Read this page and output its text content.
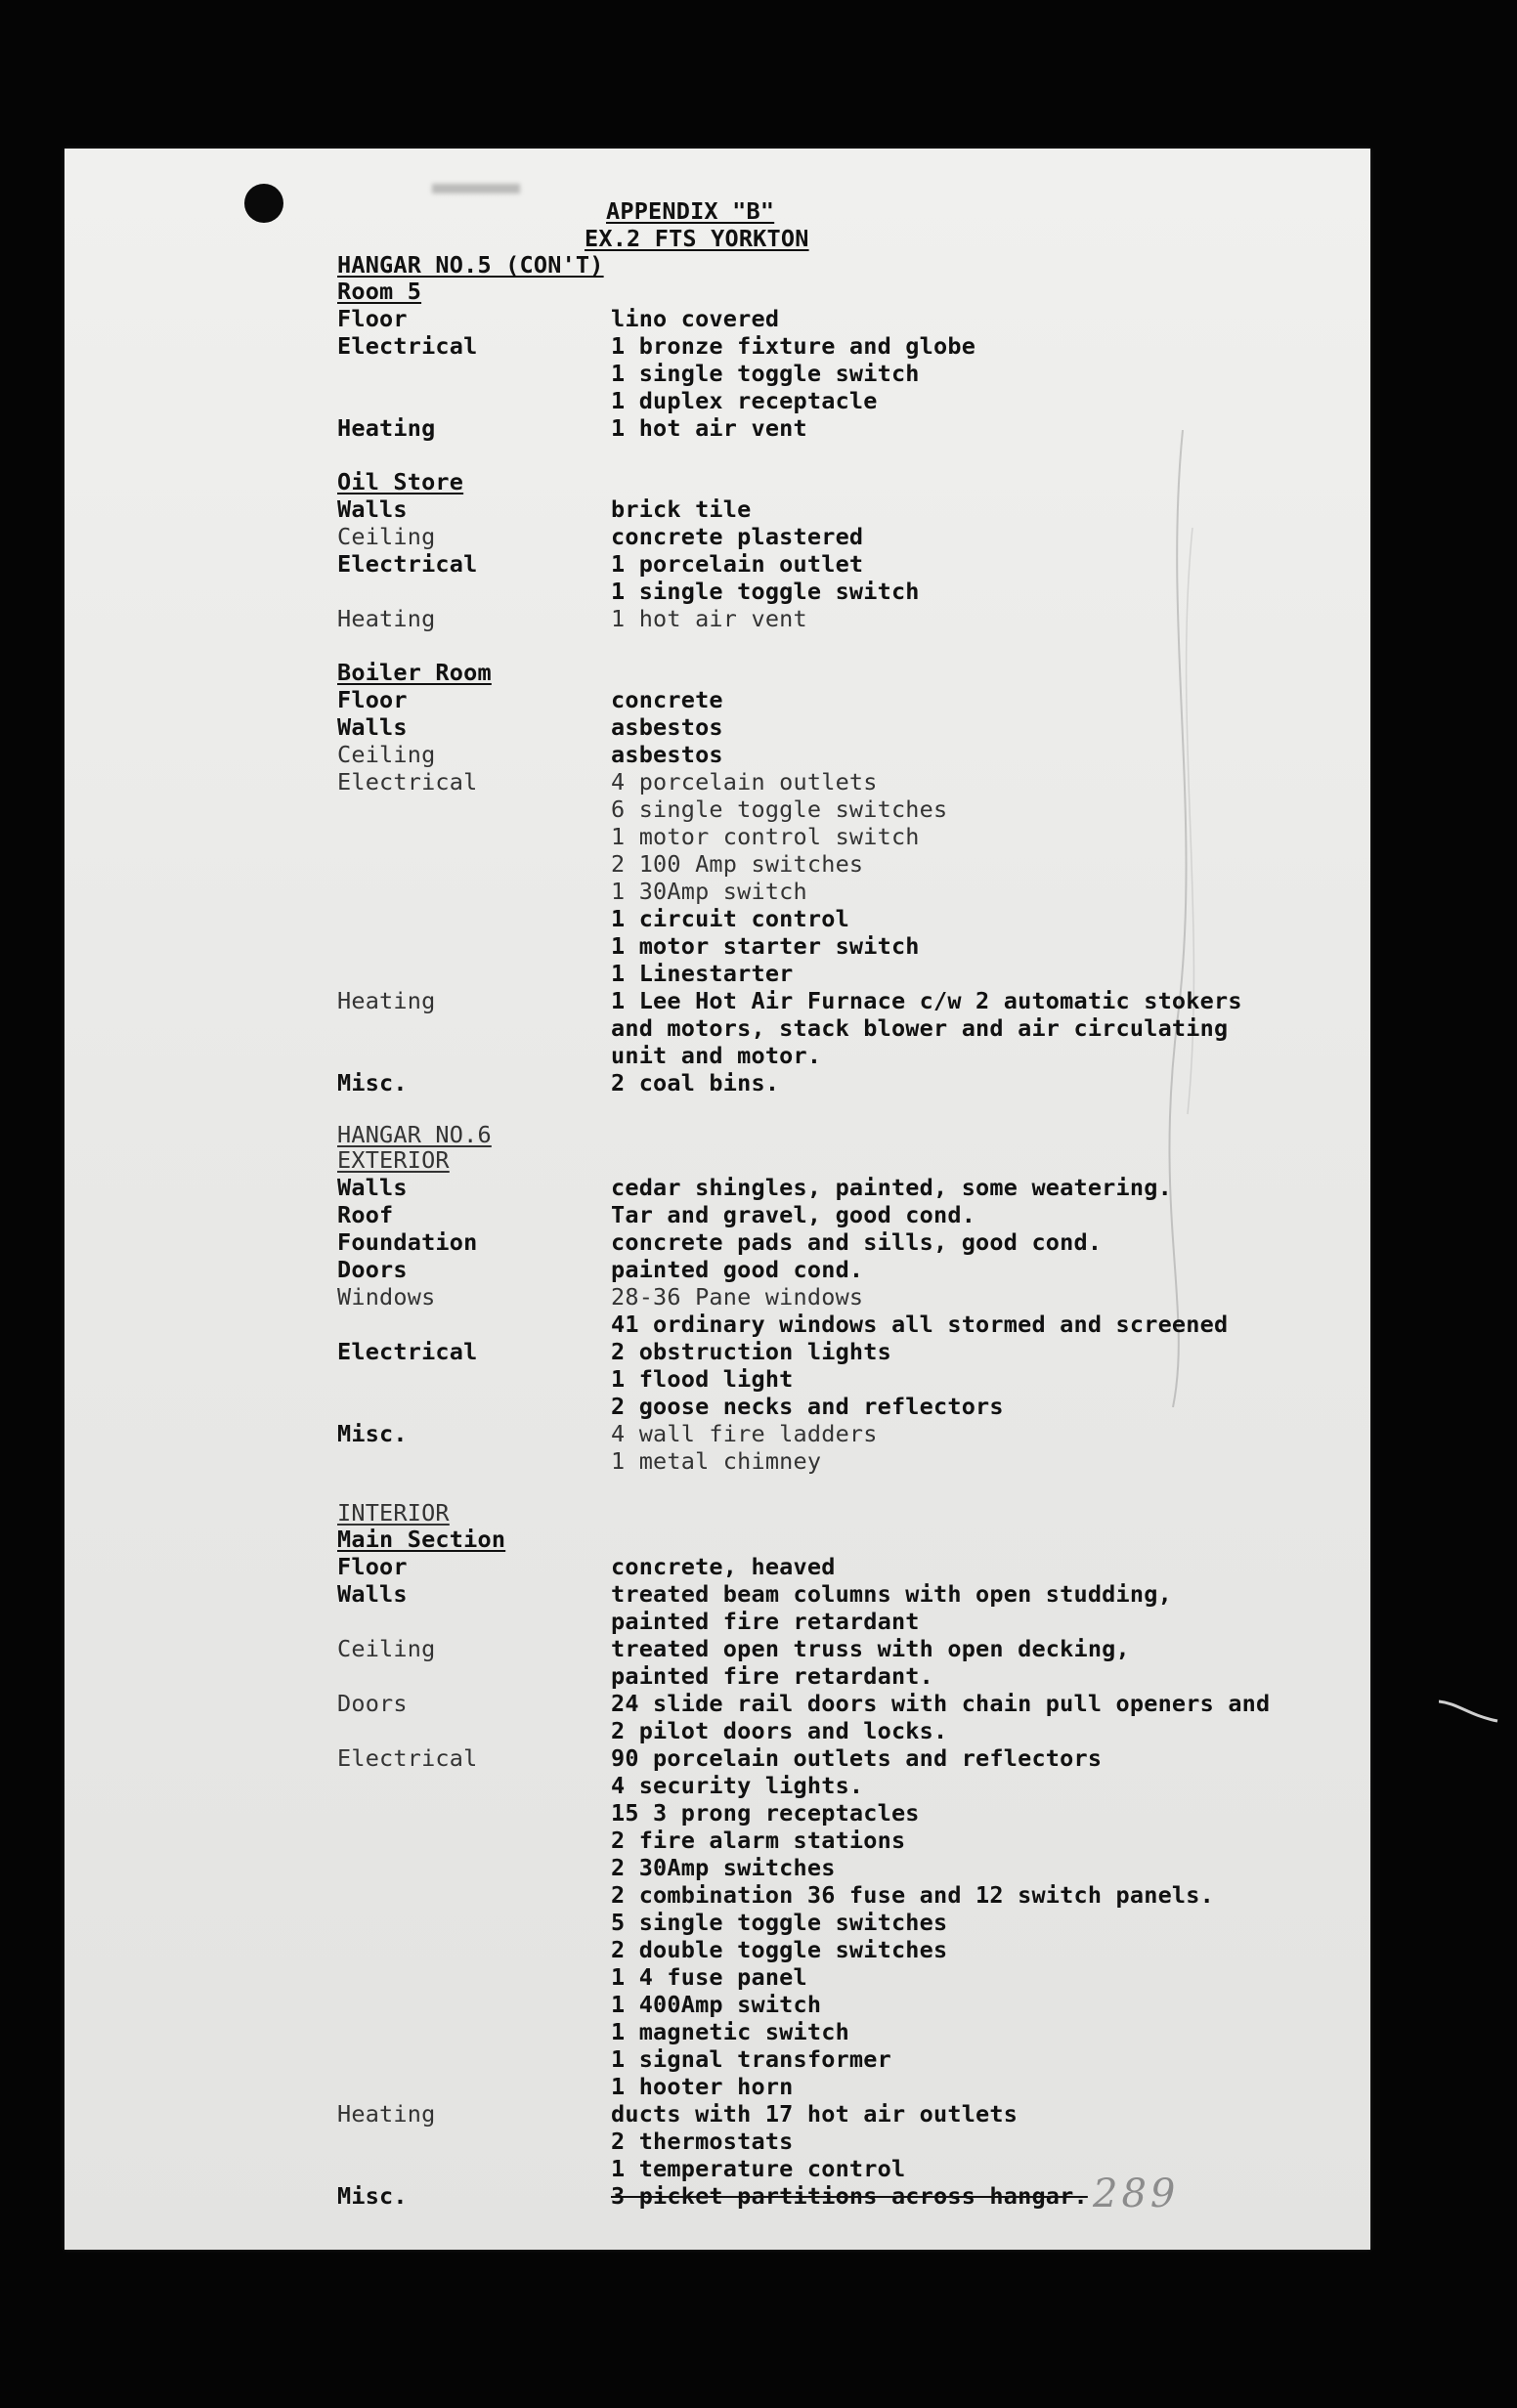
APPENDIX "B"
EX.2 FTS YORKTON
HANGAR NO.5 (CON'T)
Room 5
Floor	lino covered
Electrical	1 bronze fixture and globe
1 single toggle switch
1 duplex receptacle
Heating	1 hot air vent
Oil Store
Walls	brick tile
Ceiling	concrete plastered
Electrical	1 porcelain outlet
1 single toggle switch
Heating	1 hot air vent
Boiler Room
Floor	concrete
Walls	asbestos
Ceiling	asbestos
Electrical	4 porcelain outlets
6 single toggle switches
1 motor control switch
2 100 Amp switches
1 30Amp switch
1 circuit control
1 motor starter switch
1 Linestarter
Heating	1 Lee Hot Air Furnace c/w 2 automatic stokers
and motors, stack blower and air circulating
unit and motor.
Misc.	2 coal bins.
HANGAR NO.6
EXTERIOR
Walls	cedar shingles, painted, some weatering.
Roof	Tar and gravel, good cond.
Foundation	concrete pads and sills, good cond.
Doors	painted good cond.
Windows	28-36 Pane windows
41 ordinary windows all stormed and screened
Electrical	2 obstruction lights
1 flood light
2 goose necks and reflectors
Misc.	4 wall fire ladders
1 metal chimney
INTERIOR
Main Section
Floor	concrete, heaved
Walls	treated beam columns with open studding,
painted fire retardant
Ceiling	treated open truss with open decking,
painted fire retardant.
Doors	24 slide rail doors with chain pull openers and
2 pilot doors and locks.
Electrical	90 porcelain outlets and reflectors
4 security lights.
15 3 prong receptacles
2 fire alarm stations
2 30Amp switches
2 combination 36 fuse and 12 switch panels.
5 single toggle switches
2 double toggle switches
1 4 fuse panel
1 400Amp switch
1 magnetic switch
1 signal transformer
1 hooter horn
Heating	ducts with 17 hot air outlets
2 thermostats
1 temperature control
Misc.	3 picket partitions across hangar. 289
